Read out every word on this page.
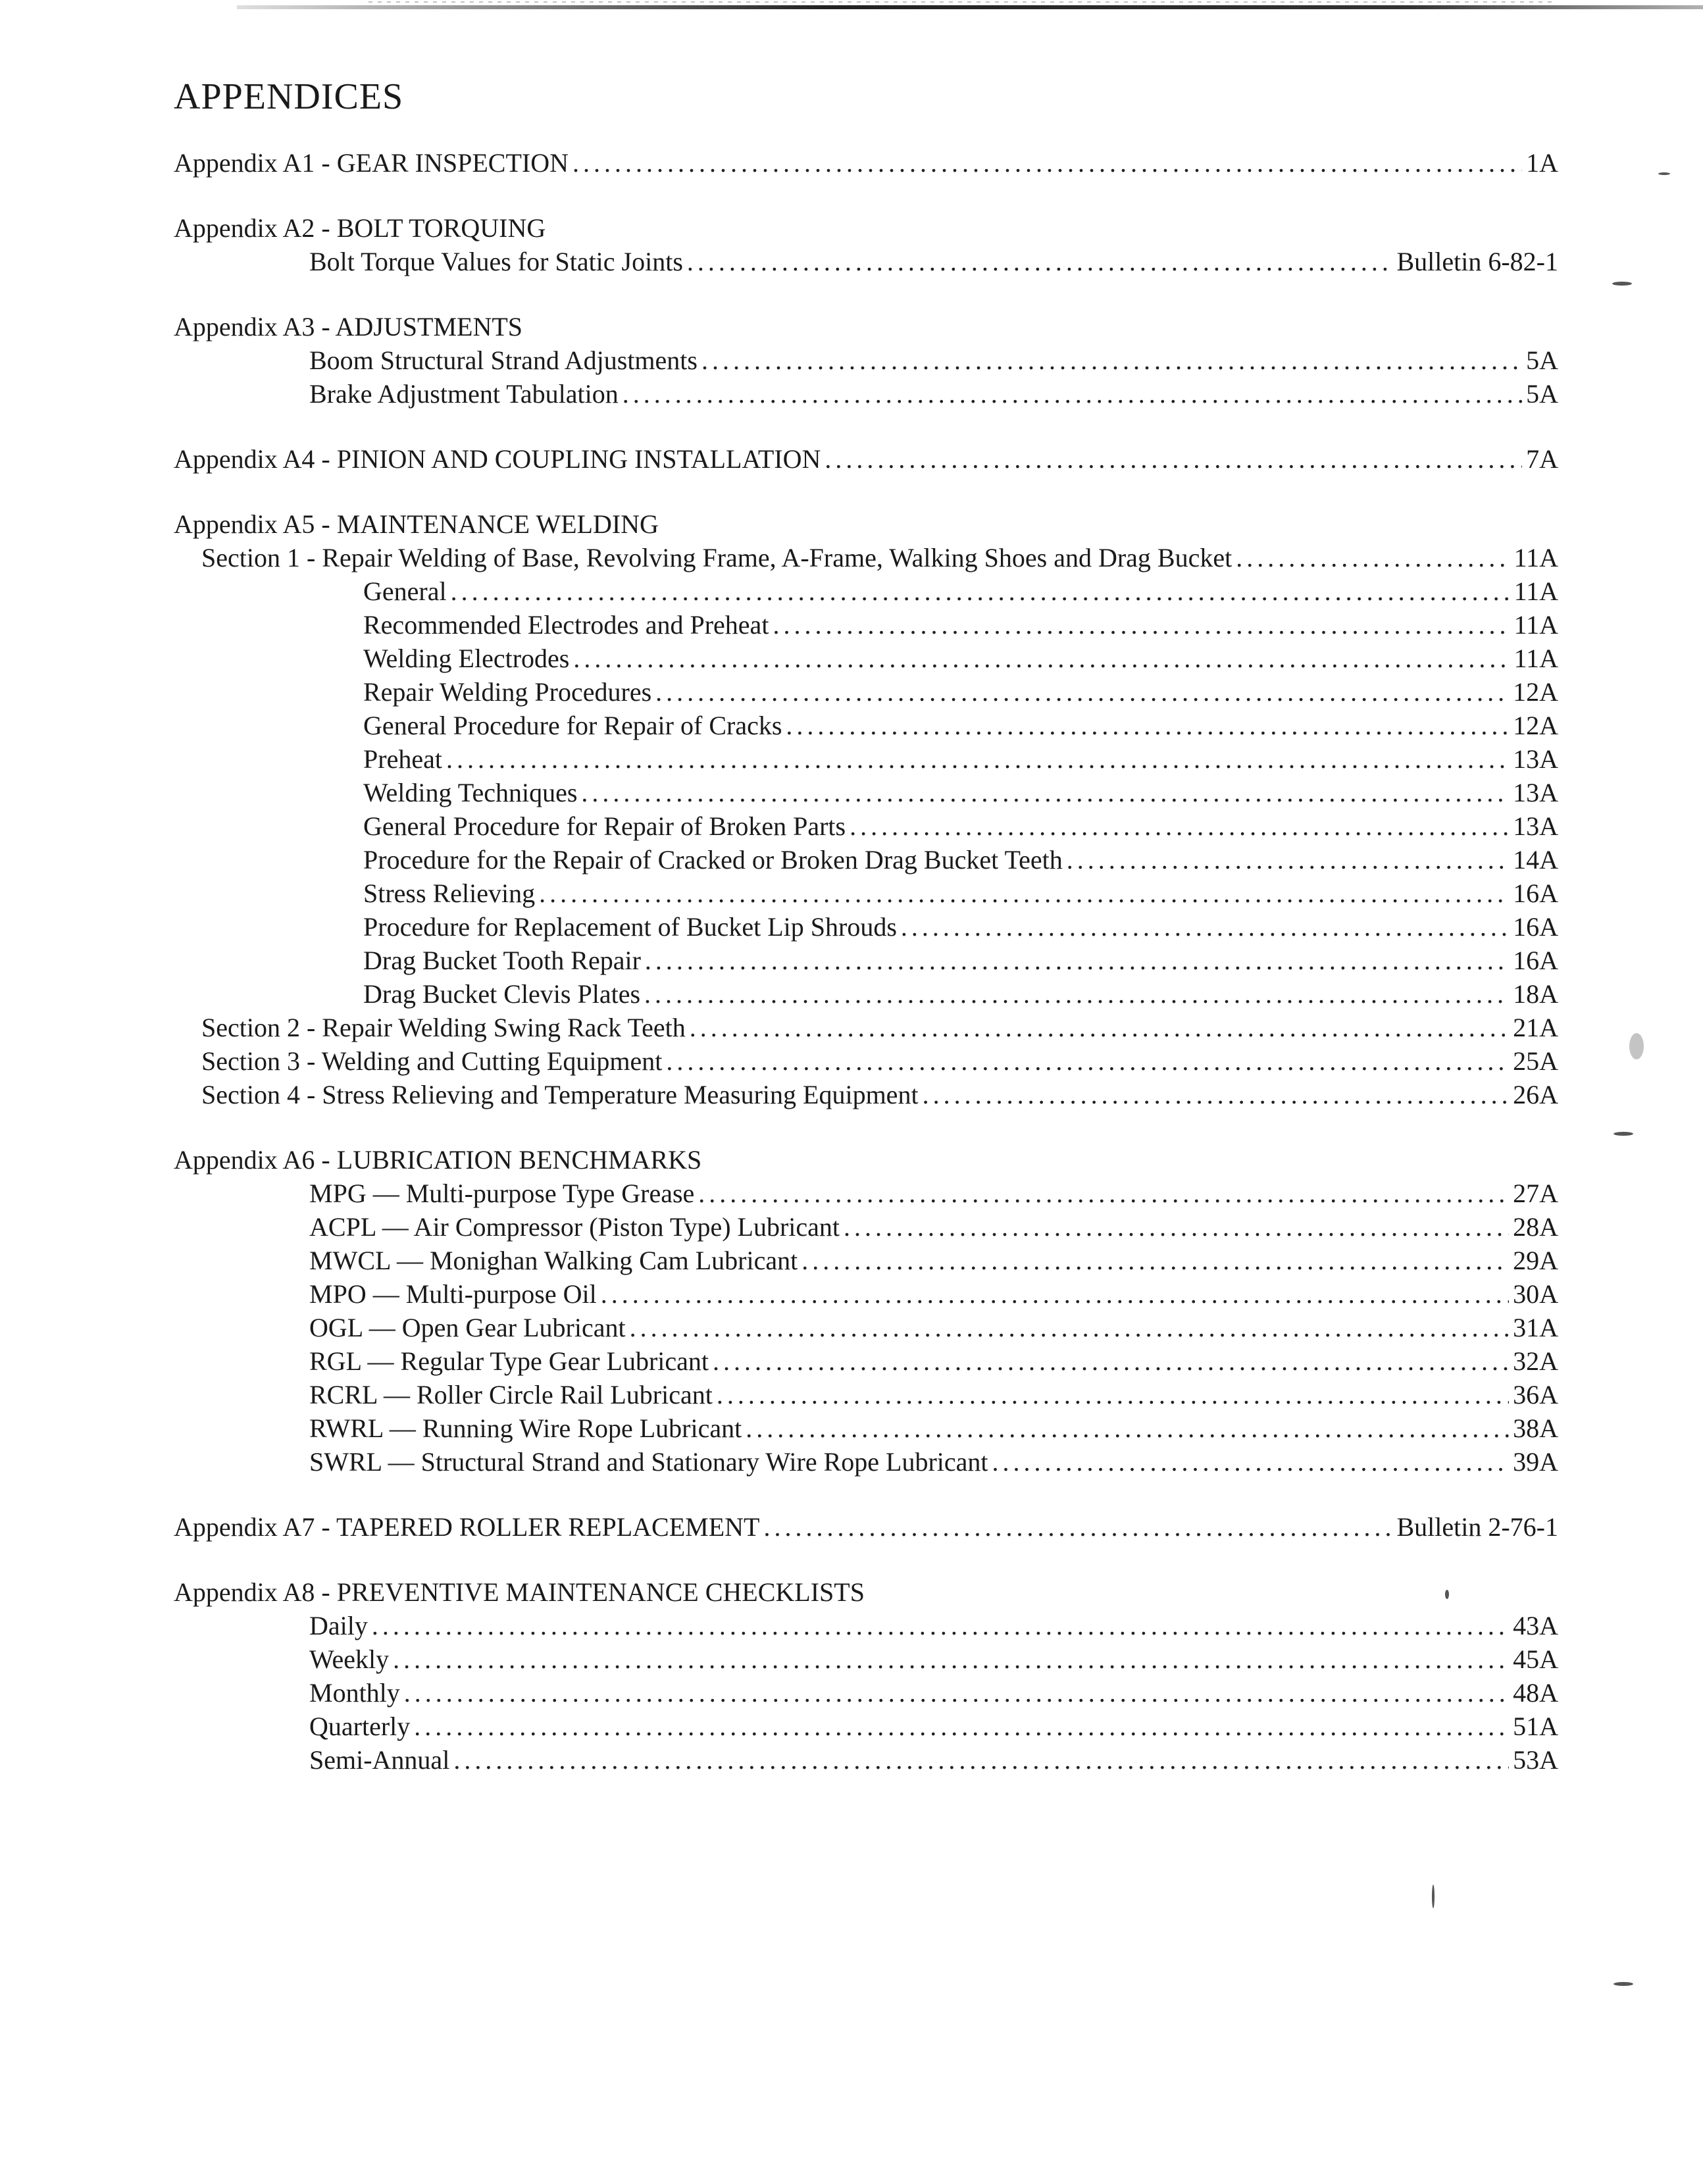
APPENDICES
Appendix A1 - GEAR INSPECTION .....	1A
Appendix A2 - BOLT TORQUING
Bolt Torque Values for Static Joints .....	Bulletin 6-82-1
Appendix A3 - ADJUSTMENTS
Boom Structural Strand Adjustments .....	5A
Brake Adjustment Tabulation .....	5A
Appendix A4 - PINION AND COUPLING INSTALLATION .....	7A
Appendix A5 - MAINTENANCE WELDING
Section 1 - Repair Welding of Base, Revolving Frame, A-Frame, Walking Shoes and Drag Bucket .....	11A
General .....	11A
Recommended Electrodes and Preheat .....	11A
Welding Electrodes .....	11A
Repair Welding Procedures .....	12A
General Procedure for Repair of Cracks .....	12A
Preheat .....	13A
Welding Techniques .....	13A
General Procedure for Repair of Broken Parts .....	13A
Procedure for the Repair of Cracked or Broken Drag Bucket Teeth .....	14A
Stress Relieving .....	16A
Procedure for Replacement of Bucket Lip Shrouds .....	16A
Drag Bucket Tooth Repair .....	16A
Drag Bucket Clevis Plates .....	18A
Section 2 - Repair Welding Swing Rack Teeth .....	21A
Section 3 - Welding and Cutting Equipment .....	25A
Section 4 - Stress Relieving and Temperature Measuring Equipment .....	26A
Appendix A6 - LUBRICATION BENCHMARKS
MPG — Multi-purpose Type Grease .....	27A
ACPL — Air Compressor (Piston Type) Lubricant .....	28A
MWCL — Monighan Walking Cam Lubricant .....	29A
MPO — Multi-purpose Oil .....	30A
OGL — Open Gear Lubricant .....	31A
RGL — Regular Type Gear Lubricant .....	32A
RCRL — Roller Circle Rail Lubricant .....	36A
RWRL — Running Wire Rope Lubricant .....	38A
SWRL — Structural Strand and Stationary Wire Rope Lubricant .....	39A
Appendix A7 - TAPERED ROLLER REPLACEMENT .....	Bulletin 2-76-1
Appendix A8 - PREVENTIVE MAINTENANCE CHECKLISTS
Daily .....	43A
Weekly .....	45A
Monthly .....	48A
Quarterly .....	51A
Semi-Annual .....	53A
